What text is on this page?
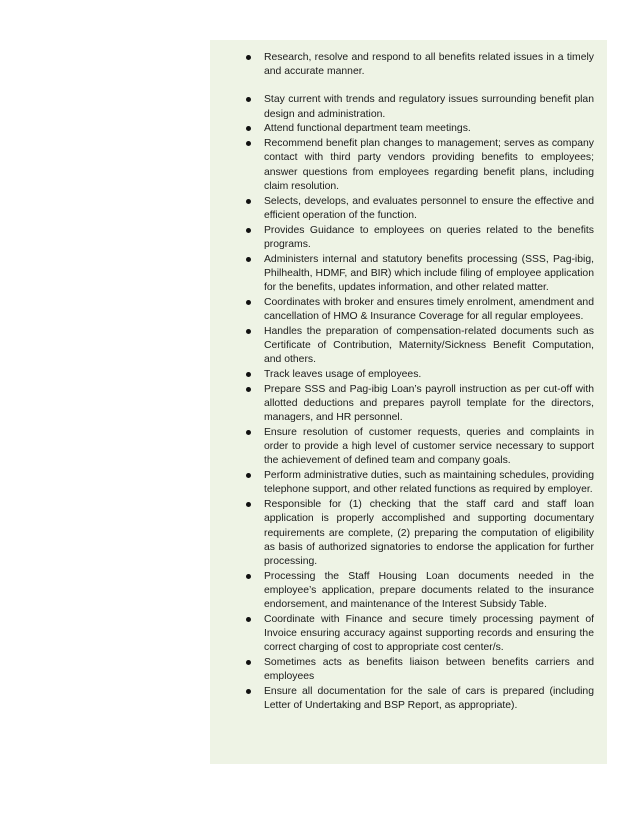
Research, resolve and respond to all benefits related issues in a timely and accurate manner.
Stay current with trends and regulatory issues surrounding benefit plan design and administration.
Attend functional department team meetings.
Recommend benefit plan changes to management; serves as company contact with third party vendors providing benefits to employees; answer questions from employees regarding benefit plans, including claim resolution.
Selects, develops, and evaluates personnel to ensure the effective and efficient operation of the function.
Provides Guidance to employees on queries related to the benefits programs.
Administers internal and statutory benefits processing (SSS, Pag-ibig, Philhealth, HDMF, and BIR) which include filing of employee application for the benefits, updates information, and other related matter.
Coordinates with broker and ensures timely enrolment, amendment and cancellation of HMO & Insurance Coverage for all regular employees.
Handles the preparation of compensation-related documents such as Certificate of Contribution, Maternity/Sickness Benefit Computation, and others.
Track leaves usage of employees.
Prepare SSS and Pag-ibig Loan’s payroll instruction as per cut-off with allotted deductions and prepares payroll template for the directors, managers, and HR personnel.
Ensure resolution of customer requests, queries and complaints in order to provide a high level of customer service necessary to support the achievement of defined team and company goals.
Perform administrative duties, such as maintaining schedules, providing telephone support, and other related functions as required by employer.
Responsible for (1) checking that the staff card and staff loan application is properly accomplished and supporting documentary requirements are complete, (2) preparing the computation of eligibility as basis of authorized signatories to endorse the application for further processing.
Processing the Staff Housing Loan documents needed in the employee’s application, prepare documents related to the insurance endorsement, and maintenance of the Interest Subsidy Table.
Coordinate with Finance and secure timely processing payment of Invoice ensuring accuracy against supporting records and ensuring the correct charging of cost to appropriate cost center/s.
Sometimes acts as benefits liaison between benefits carriers and employees
Ensure all documentation for the sale of cars is prepared (including Letter of Undertaking and BSP Report, as appropriate).
